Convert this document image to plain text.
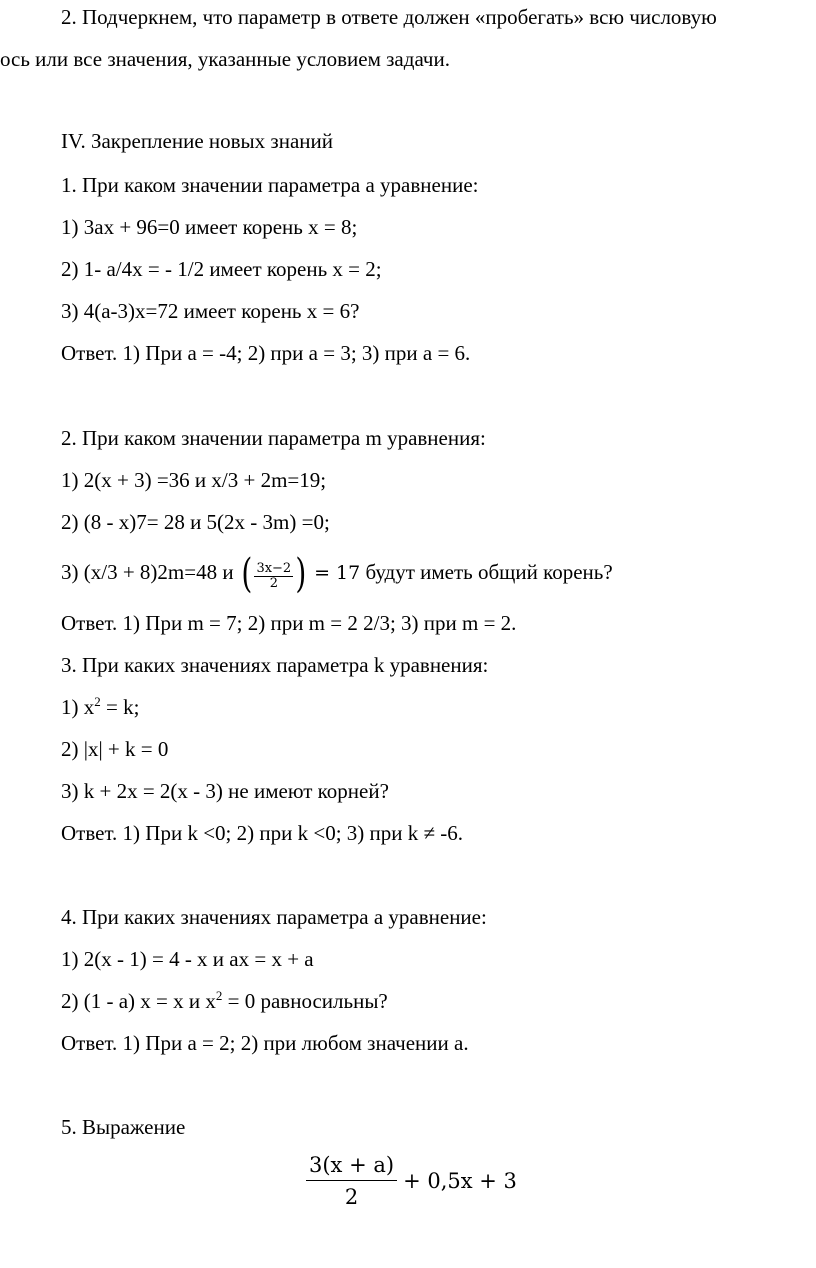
2. Подчеркнем, что параметр в ответе должен «пробегать» всю числовую
ось или все значения, указанные условием задачи.
IV. Закрепление новых знаний
1. При каком значении параметра а уравнение:
1) 3ах + 96=0 имеет корень х = 8;
2) 1- а/4х = - 1/2 имеет корень х = 2;
3) 4(а-3)х=72 имеет корень х = 6?
Ответ. 1) При а = -4; 2) при а = 3; 3) при а = 6.
2. При каком значении параметра m уравнения:
1) 2(х + 3) =36 и х/3 + 2m=19;
2) (8 - х)7= 28 и 5(2х - 3m) =0;
3) (х/3 + 8)2m=48 и ( $\frac{3x-2}{2}$ ) = 17 будут иметь общий корень?
Ответ. 1) При m = 7; 2) при m = 2 2/3; 3) при m = 2.
3. При каких значениях параметра k уравнения:
1) $х^2 = k$;
2) |х| + k = 0
3) k + 2х = 2(х - 3) не имеют корней?
Ответ. 1) При k <0; 2) при k <0; 3) при k ≠ -6.
4. При каких значениях параметра а уравнение:
1) 2(х - 1) = 4 - х и ах = х + а
2) (1 - а) х = х и $х^2 = 0$ равносильны?
Ответ. 1) При а = 2; 2) при любом значении а.
5. Выражение
$\frac{3(x + a)}{2} + 0,5x + 3$
